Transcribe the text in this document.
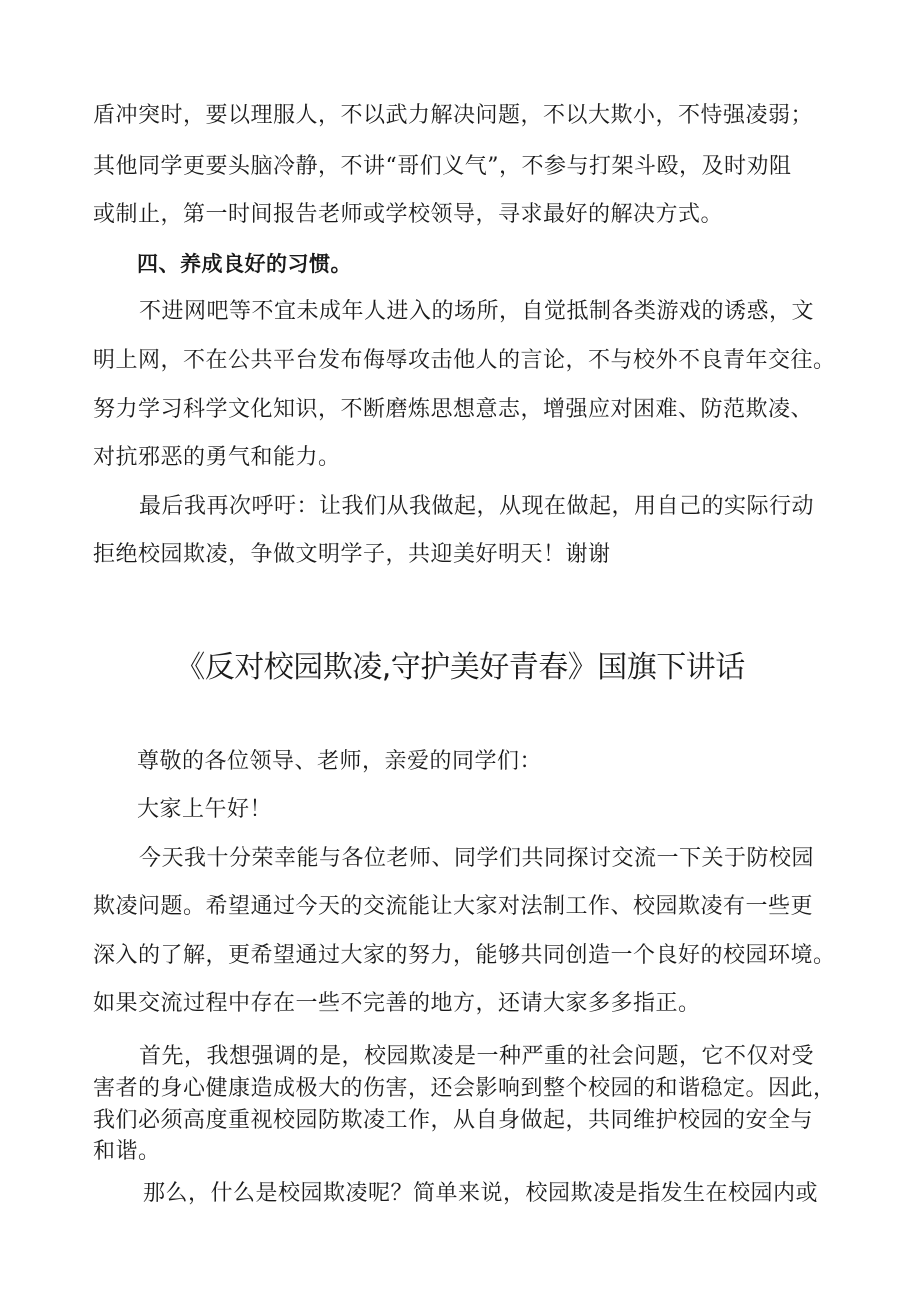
盾冲突时，要以理服人，不以武力解决问题，不以大欺小，不恃强凌弱；
其他同学更要头脑冷静，不讲“哥们义气”，不参与打架斗殴，及时劝阻
或制止，第一时间报告老师或学校领导，寻求最好的解决方式。
四、养成良好的习惯。
不进网吧等不宜未成年人进入的场所，自觉抵制各类游戏的诱惑，文
明上网，不在公共平台发布侮辱攻击他人的言论，不与校外不良青年交往。
努力学习科学文化知识，不断磨炼思想意志，增强应对困难、防范欺凌、
对抗邪恶的勇气和能力。
最后我再次呼吁：让我们从我做起，从现在做起，用自己的实际行动
拒绝校园欺凌，争做文明学子，共迎美好明天！谢谢
《反对校园欺凌,守护美好青春》国旗下讲话
尊敬的各位领导、老师，亲爱的同学们：
大家上午好！
今天我十分荣幸能与各位老师、同学们共同探讨交流一下关于防校园
欺凌问题。希望通过今天的交流能让大家对法制工作、校园欺凌有一些更
深入的了解，更希望通过大家的努力，能够共同创造一个良好的校园环境。
如果交流过程中存在一些不完善的地方，还请大家多多指正。
首先，我想强调的是，校园欺凌是一种严重的社会问题，它不仅对受
害者的身心健康造成极大的伤害，还会影响到整个校园的和谐稳定。因此，
我们必须高度重视校园防欺凌工作，从自身做起，共同维护校园的安全与
和谐。
那么，什么是校园欺凌呢？简单来说，校园欺凌是指发生在校园内或
